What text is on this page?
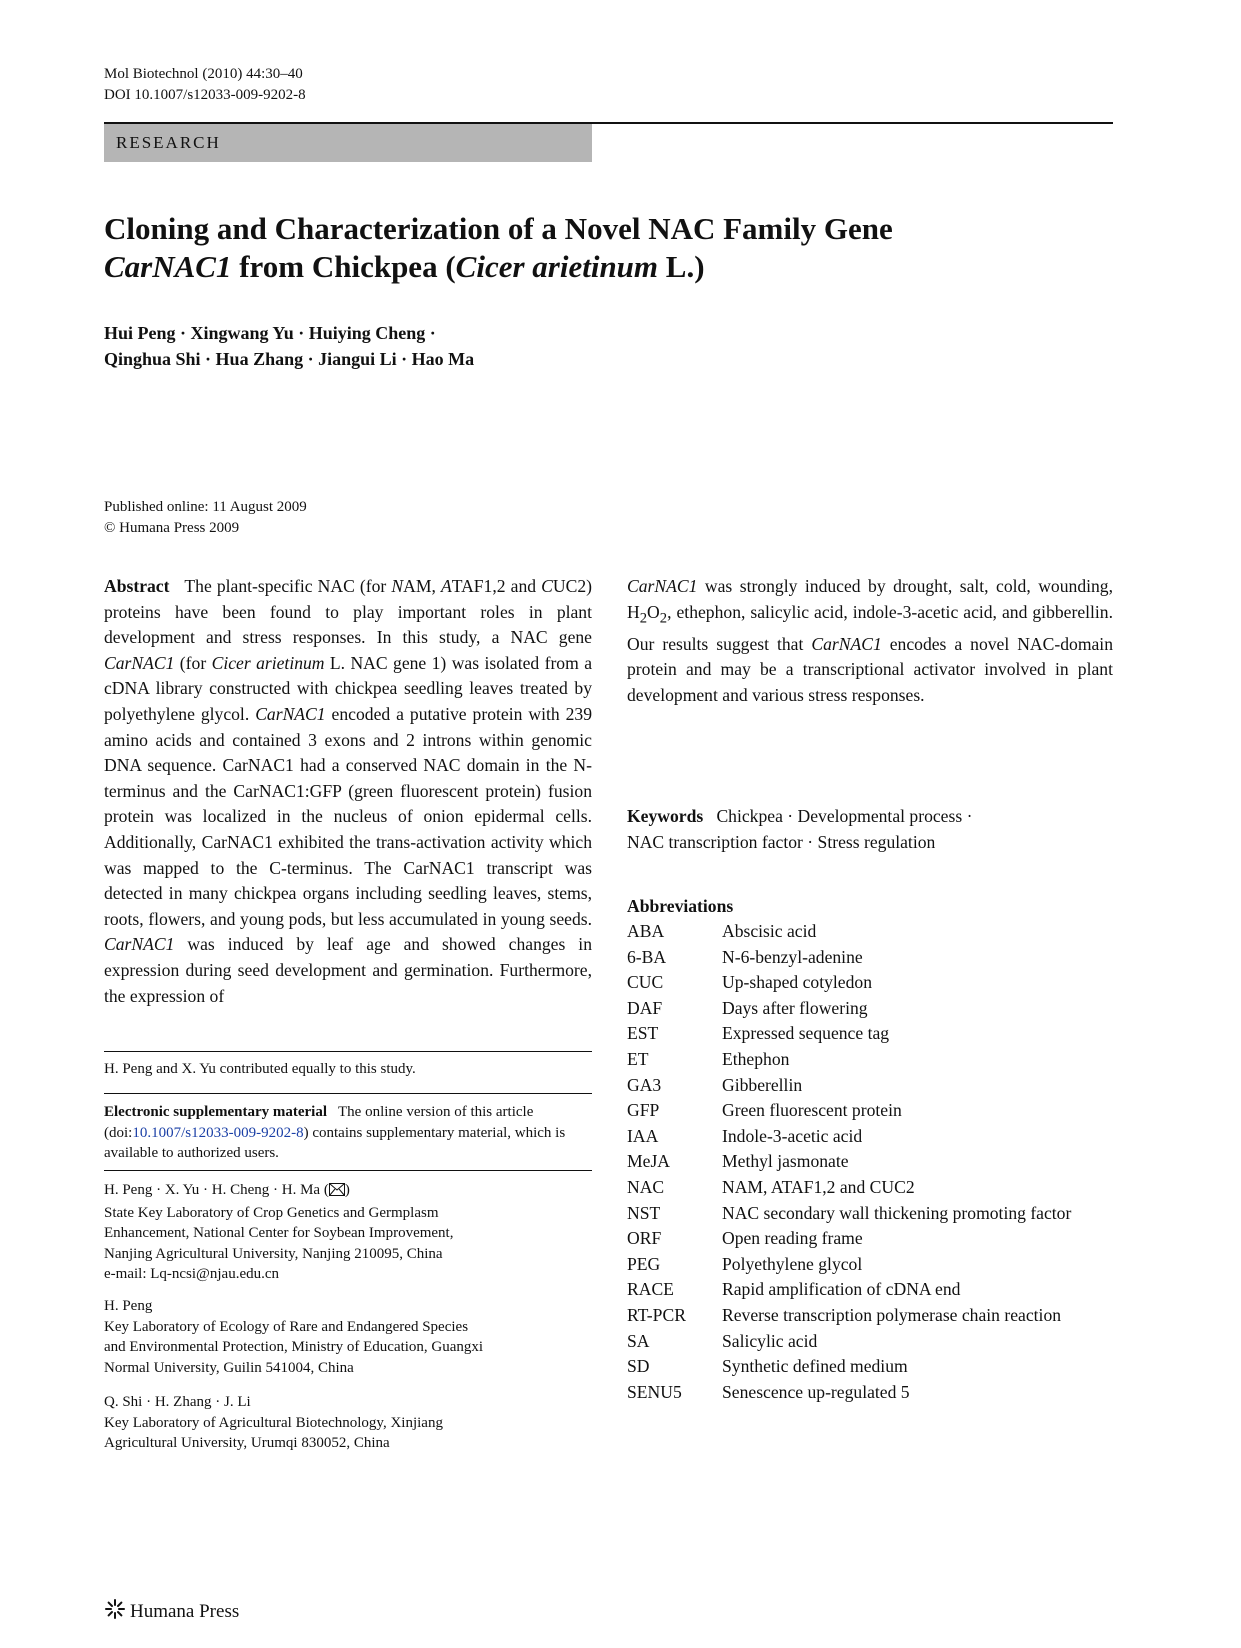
Mol Biotechnol (2010) 44:30–40
DOI 10.1007/s12033-009-9202-8
RESEARCH
Cloning and Characterization of a Novel NAC Family Gene
CarNAC1 from Chickpea (Cicer arietinum L.)
Hui Peng · Xingwang Yu · Huiying Cheng ·
Qinghua Shi · Hua Zhang · Jiangui Li · Hao Ma
Published online: 11 August 2009
© Humana Press 2009
Abstract The plant-specific NAC (for NAM, ATAF1,2 and CUC2) proteins have been found to play important roles in plant development and stress responses. In this study, a NAC gene CarNAC1 (for Cicer arietinum L. NAC gene 1) was isolated from a cDNA library constructed with chickpea seedling leaves treated by polyethylene glycol. CarNAC1 encoded a putative protein with 239 amino acids and contained 3 exons and 2 introns within genomic DNA sequence. CarNAC1 had a conserved NAC domain in the N-terminus and the CarNAC1:GFP (green fluorescent protein) fusion protein was localized in the nucleus of onion epidermal cells. Additionally, CarNAC1 exhibited the trans-activation activity which was mapped to the C-terminus. The CarNAC1 transcript was detected in many chickpea organs including seedling leaves, stems, roots, flowers, and young pods, but less accumulated in young seeds. CarNAC1 was induced by leaf age and showed changes in expression during seed development and germination. Furthermore, the expression of
CarNAC1 was strongly induced by drought, salt, cold, wounding, $H_2O_2$, ethephon, salicylic acid, indole-3-acetic acid, and gibberellin. Our results suggest that CarNAC1 encodes a novel NAC-domain protein and may be a transcriptional activator involved in plant development and various stress responses.
Keywords Chickpea · Developmental process ·
NAC transcription factor · Stress regulation
Abbreviations
ABA	Abscisic acid
6-BA	N-6-benzyl-adenine
CUC	Up-shaped cotyledon
DAF	Days after flowering
EST	Expressed sequence tag
ET	Ethephon
GA3	Gibberellin
GFP	Green fluorescent protein
IAA	Indole-3-acetic acid
MeJA	Methyl jasmonate
NAC	NAM, ATAF1,2 and CUC2
NST	NAC secondary wall thickening promoting factor
ORF	Open reading frame
PEG	Polyethylene glycol
RACE	Rapid amplification of cDNA end
RT-PCR	Reverse transcription polymerase chain reaction
SA	Salicylic acid
SD	Synthetic defined medium
SENU5	Senescence up-regulated 5
H. Peng and X. Yu contributed equally to this study.
Electronic supplementary material The online version of this article (doi:10.1007/s12033-009-9202-8) contains supplementary material, which is available to authorized users.
H. Peng · X. Yu · H. Cheng · H. Ma ( )
State Key Laboratory of Crop Genetics and Germplasm
Enhancement, National Center for Soybean Improvement,
Nanjing Agricultural University, Nanjing 210095, China
e-mail: Lq-ncsi@njau.edu.cn
H. Peng
Key Laboratory of Ecology of Rare and Endangered Species
and Environmental Protection, Ministry of Education, Guangxi
Normal University, Guilin 541004, China
Q. Shi · H. Zhang · J. Li
Key Laboratory of Agricultural Biotechnology, Xinjiang
Agricultural University, Urumqi 830052, China
Humana Press
